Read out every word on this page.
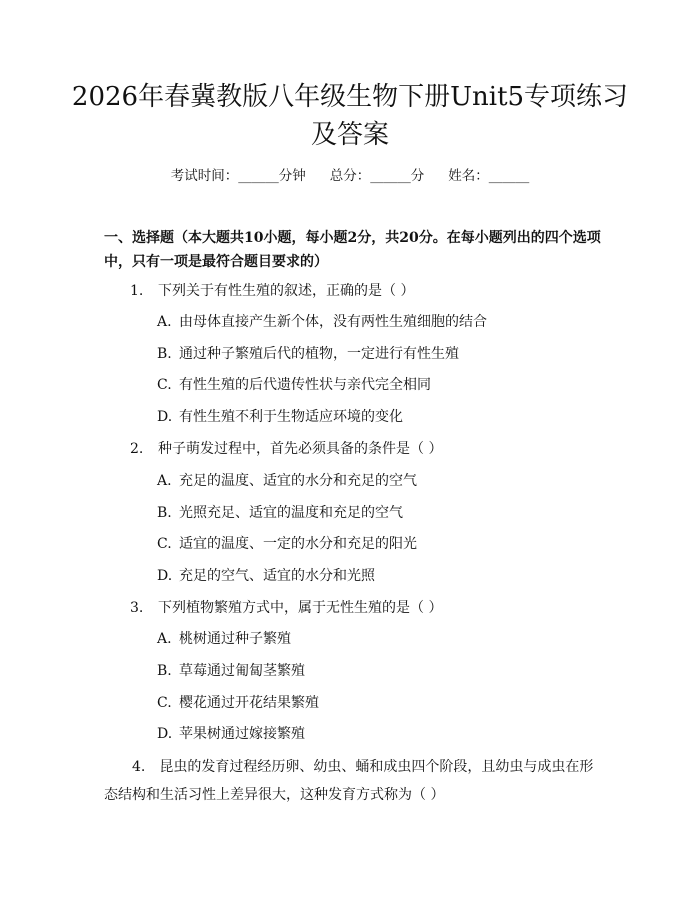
2026年春冀教版八年级生物下册Unit5专项练习及答案
考试时间：______分钟 总分：______分 姓名：______
一、选择题（本大题共10小题，每小题2分，共20分。在每小题列出的四个选项中，只有一项是最符合题目要求的）
1. 下列关于有性生殖的叙述，正确的是（ ）
A. 由母体直接产生新个体，没有两性生殖细胞的结合
B. 通过种子繁殖后代的植物，一定进行有性生殖
C. 有性生殖的后代遗传性状与亲代完全相同
D. 有性生殖不利于生物适应环境的变化
2. 种子萌发过程中，首先必须具备的条件是（ ）
A. 充足的温度、适宜的水分和充足的空气
B. 光照充足、适宜的温度和充足的空气
C. 适宜的温度、一定的水分和充足的阳光
D. 充足的空气、适宜的水分和光照
3. 下列植物繁殖方式中，属于无性生殖的是（ ）
A. 桃树通过种子繁殖
B. 草莓通过匍匐茎繁殖
C. 樱花通过开花结果繁殖
D. 苹果树通过嫁接繁殖
4. 昆虫的发育过程经历卵、幼虫、蛹和成虫四个阶段，且幼虫与成虫在形态结构和生活习性上差异很大，这种发育方式称为（ ）
